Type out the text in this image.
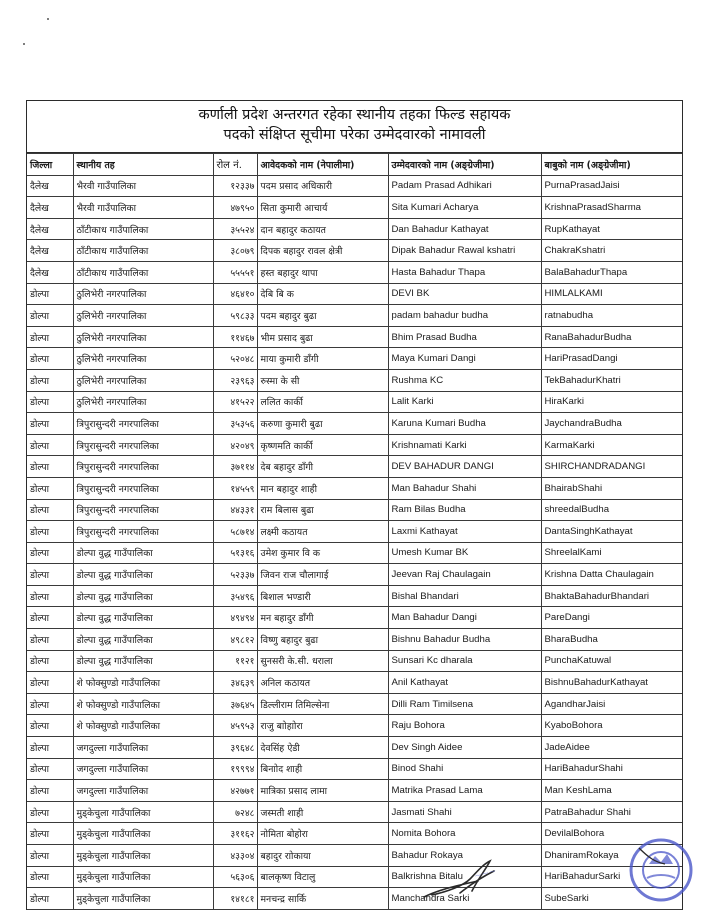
कर्णाली प्रदेश अन्तरगत रहेका स्थानीय तहका फिल्ड सहायक
पदको संक्षिप्त सूचीमा परेका उम्मेदवारको नामावली
जिल्ला	स्थानीय तह	रोल नं.	आवेदकको नाम (नेपालीमा)	उम्मेदवारको नाम (अङ्ग्रेजीमा)	बाबुको नाम (अङ्ग्रेजीमा)
दैलेख	भैरवी गाउँपालिका	१२३३७	पदम प्रसाद अधिकारी	Padam Prasad Adhikari	PurnaPrasadJaisi
दैलेख	भैरवी गाउँपालिका	४७९५०	सिता कुमारी आचार्य	Sita Kumari Acharya	KrishnaPrasadSharma
दैलेख	ठाँटीकाध गाउँपालिका	३५५२४	दान बहादुर कठायत	Dan Bahadur Kathayat	RupKathayat
दैलेख	ठाँटीकाध गाउँपालिका	३८०७९	दिपक बहादुर रावल क्षेत्री	Dipak Bahadur Rawal kshatri	ChakraKshatri
दैलेख	ठाँटीकाध गाउँपालिका	५५५५१	हस्त बहादुर थापा	Hasta Bahadur Thapa	BalaBahadurThapa
डोल्पा	ठुलिभेरी नगरपालिका	४६४१०	देबि बि क	DEVI BK	HIMLALKAMI
डोल्पा	ठुलिभेरी नगरपालिका	५९८३३	पदम बहादुर बुढा	padam bahadur budha	ratnabudha
डोल्पा	ठुलिभेरी नगरपालिका	११४६७	भीम प्रसाद बुढा	Bhim Prasad Budha	RanaBahadurBudha
डोल्पा	ठुलिभेरी नगरपालिका	५२०४८	माया कुमारी डाँगी	Maya Kumari Dangi	HariPrasadDangi
डोल्पा	ठुलिभेरी नगरपालिका	२३९६३	रुस्मा के सी	Rushma KC	TekBahadurKhatri
डोल्पा	ठुलिभेरी नगरपालिका	४१५२२	ललित कार्की	Lalit Karki	HiraKarki
डोल्पा	त्रिपुरासुन्दरी नगरपालिका	३५३५६	करुणा कुमारी बुढा	Karuna Kumari Budha	JaychandraBudha
डोल्पा	त्रिपुरासुन्दरी नगरपालिका	४२०४९	कृष्णमति कार्की	Krishnamati Karki	KarmaKarki
डोल्पा	त्रिपुरासुन्दरी नगरपालिका	३७११४	देब बहादुर डाँगी	DEV BAHADUR DANGI	SHIRCHANDRADANGI
डोल्पा	त्रिपुरासुन्दरी नगरपालिका	१४५५९	मान बहादुर शाही	Man Bahadur Shahi	BhairabShahi
डोल्पा	त्रिपुरासुन्दरी नगरपालिका	४४३३१	राम बिलास बुढा	Ram Bilas Budha	shreedalBudha
डोल्पा	त्रिपुरासुन्दरी नगरपालिका	५८७१४	लक्ष्मी कठायत	Laxmi Kathayat	DantaSinghKathayat
डोल्पा	डोल्पा वुद्ध गाउँपालिका	५१३१६	उमेश कुमार वि क	Umesh Kumar BK	ShreelalKami
डोल्पा	डोल्पा वुद्ध गाउँपालिका	५२३३७	जिवन राज चौलागाई	Jeevan Raj Chaulagain	Krishna Datta Chaulagain
डोल्पा	डोल्पा वुद्ध गाउँपालिका	३५४९६	बिशाल भण्डारी	Bishal Bhandari	BhaktaBahadurBhandari
डोल्पा	डोल्पा वुद्ध गाउँपालिका	४९४९४	मन बहादुर डाँगी	Man Bahadur Dangi	PareDangi
डोल्पा	डोल्पा वुद्ध गाउँपालिका	४९८१२	विष्णु बहादुर बुढा	Bishnu Bahadur Budha	BharaBudha
डोल्पा	डोल्पा वुद्ध गाउँपालिका	११२१	सुनसरी के.सी. धराला	Sunsari Kc dharala	PunchaKatuwal
डोल्पा	शे फोक्सुण्डो गाउँपालिका	३४६३९	अनिल कठायत	Anil Kathayat	BishnuBahadurKathayat
डोल्पा	शे फोक्सुण्डो गाउँपालिका	३७६४५	डिल्लीराम तिमिल्सेना	Dilli Ram Timilsena	AgandharJaisi
डोल्पा	शे फोक्सुण्डो गाउँपालिका	४५९५३	राजु बाोहाोरा	Raju Bohora	KyaboBohora
डोल्पा	जगदुल्ला गाउँपालिका	३९६४८	देवसिंह ऐडी	Dev Singh Aidee	JadeAidee
डोल्पा	जगदुल्ला गाउँपालिका	१९९९४	बिनाोद शाही	Binod Shahi	HariBahadurShahi
डोल्पा	जगदुल्ला गाउँपालिका	४२७७१	मात्रिका प्रसाद लामा	Matrika Prasad Lama	Man KeshLama
डोल्पा	मुड्केचुला गाउँपालिका	७२४८	जस्मती शाही	Jasmati Shahi	PatraBahadur Shahi
डोल्पा	मुड्केचुला गाउँपालिका	३११६२	नोमिता बोहोरा	Nomita Bohora	DevilalBohora
डोल्पा	मुड्केचुला गाउँपालिका	४३३०४	बहादुर राोकाया	Bahadur Rokaya	DhaniramRokaya
डोल्पा	मुड्केचुला गाउँपालिका	५६३०६	बालकृष्ण विटालु	Balkrishna Bitalu	HariBahadurSarki
डोल्पा	मुड्केचुला गाउँपालिका	१४१८१	मनचन्द्र सार्कि	Manchandra Sarki	SubeSarki
~~~
